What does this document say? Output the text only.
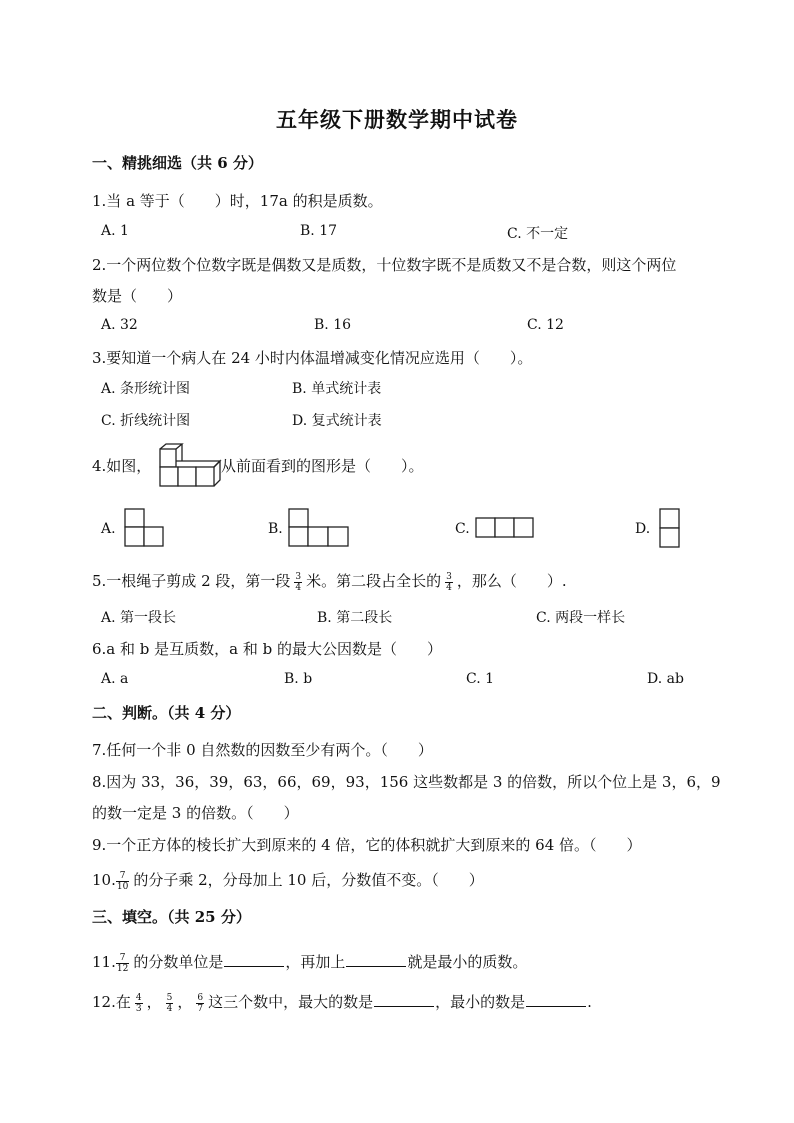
五年级下册数学期中试卷
一、精挑细选（共 6 分）
1.当 a 等于（　　）时，17a 的积是质数。
A. 1	B. 17	C. 不一定
2.一个两位数个位数字既是偶数又是质数，十位数字既不是质数又不是合数，则这个两位
数是（　　）
A. 32	B. 16	C. 12
3.要知道一个病人在 24 小时内体温增减变化情况应选用（　　）。
A. 条形统计图	B. 单式统计表
C. 折线统计图	D. 复式统计表
4.如图，	从前面看到的图形是（　　）。
A.	B.	C.	D.
5.一根绳子剪成 2 段，第一段 $\frac{3}{4}$ 米。第二段占全长的 $\frac{3}{4}$ ，那么（　　）.
A. 第一段长	B. 第二段长	C. 两段一样长
6.a 和 b 是互质数，a 和 b 的最大公因数是（　　）
A. a	B. b	C. 1	D. ab
二、判断。（共 4 分）
7.任何一个非 0 自然数的因数至少有两个。（　　）
8.因为 33，36，39，63，66，69，93，156 这些数都是 3 的倍数，所以个位上是 3，6，9
的数一定是 3 的倍数。（　　）
9.一个正方体的棱长扩大到原来的 4 倍，它的体积就扩大到原来的 64 倍。（　　）
10. $\frac{7}{10}$ 的分子乘 2，分母加上 10 后，分数值不变。（　　）
三、填空。（共 25 分）
11. $\frac{7}{12}$ 的分数单位是	，再加上	就是最小的质数。
12.在 $\frac{4}{3}$ ， $\frac{5}{4}$ ， $\frac{6}{7}$ 这三个数中，最大的数是	，最小的数是	.
